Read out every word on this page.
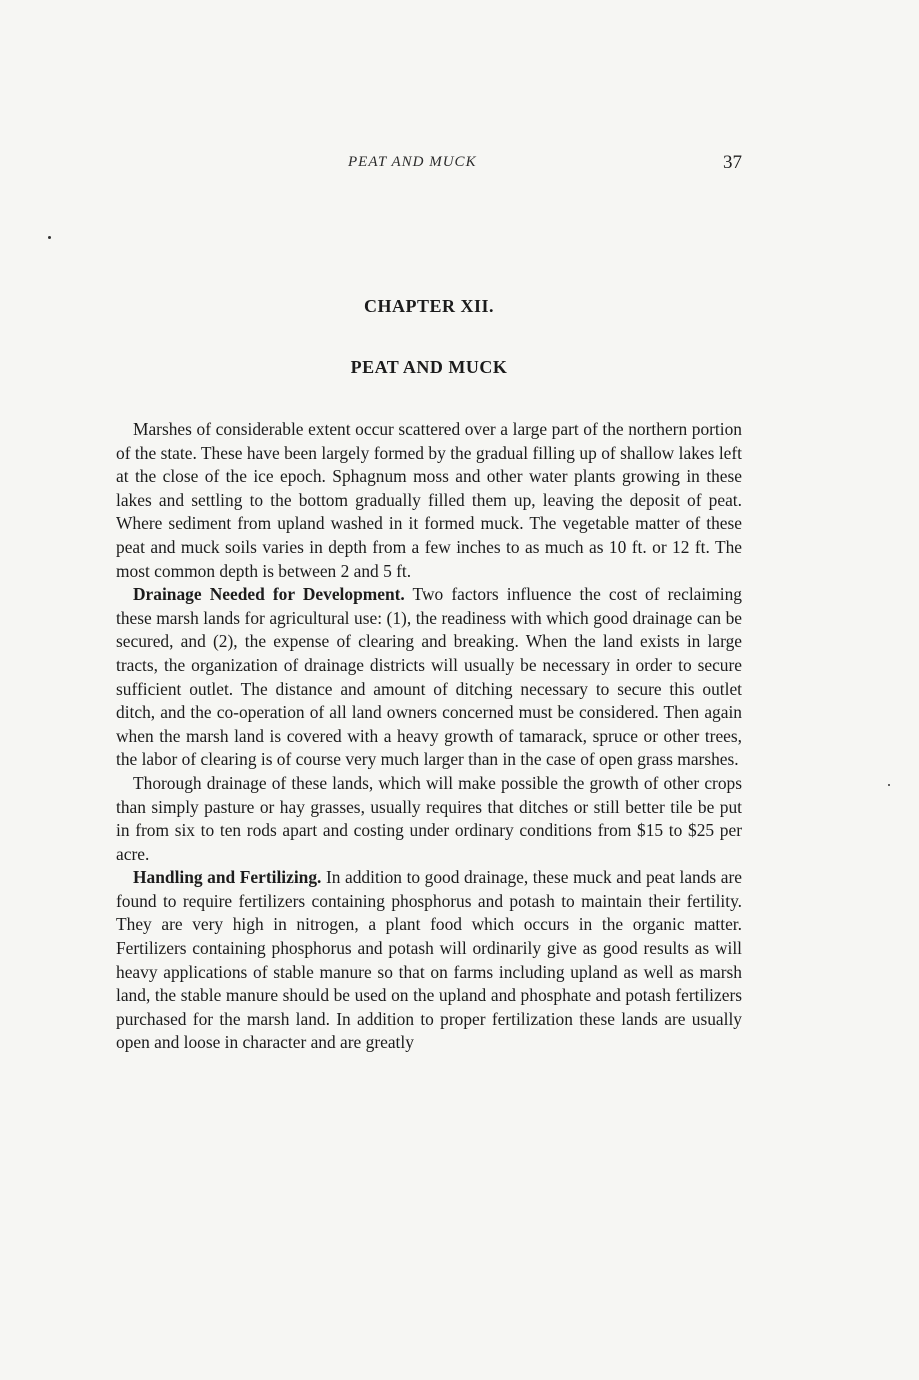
PEAT AND MUCK	37
CHAPTER XII.
PEAT AND MUCK

Marshes of considerable extent occur scattered over a large part of the northern portion of the state. These have been largely formed by the gradual filling up of shallow lakes left at the close of the ice epoch. Sphagnum moss and other water plants growing in these lakes and settling to the bottom gradually filled them up, leaving the deposit of peat. Where sediment from upland washed in it formed muck. The vegetable matter of these peat and muck soils varies in depth from a few inches to as much as 10 ft. or 12 ft. The most common depth is between 2 and 5 ft.

Drainage Needed for Development. Two factors influence the cost of reclaiming these marsh lands for agricultural use: (1), the readiness with which good drainage can be secured, and (2), the expense of clearing and breaking. When the land exists in large tracts, the organization of drainage districts will usually be necessary in order to secure sufficient outlet. The distance and amount of ditching necessary to secure this outlet ditch, and the co-operation of all land owners concerned must be considered. Then again when the marsh land is covered with a heavy growth of tamarack, spruce or other trees, the labor of clearing is of course very much larger than in the case of open grass marshes.

Thorough drainage of these lands, which will make possible the growth of other crops than simply pasture or hay grasses, usually requires that ditches or still better tile be put in from six to ten rods apart and costing under ordinary conditions from $15 to $25 per acre.

Handling and Fertilizing. In addition to good drainage, these muck and peat lands are found to require fertilizers containing phosphorus and potash to maintain their fertility. They are very high in nitrogen, a plant food which occurs in the organic matter. Fertilizers containing phosphorus and potash will ordinarily give as good results as will heavy applications of stable manure so that on farms including upland as well as marsh land, the stable manure should be used on the upland and phosphate and potash fertilizers purchased for the marsh land. In addition to proper fertilization these lands are usually open and loose in character and are greatly
